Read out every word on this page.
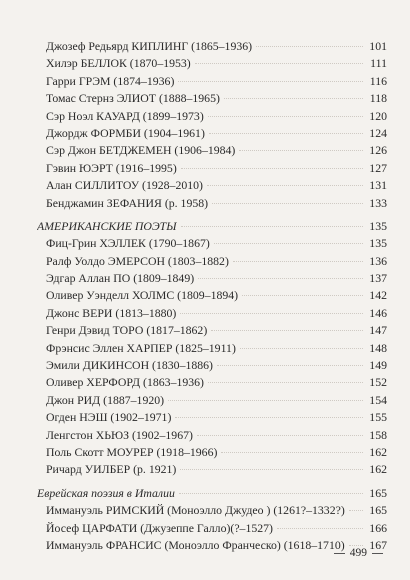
Джозеф Редьярд КИПЛИНГ (1865–1936)	101
Хилэр БЕЛЛОК (1870–1953)	111
Гарри ГРЭМ (1874–1936)	116
Томас Стернз ЭЛИОТ (1888–1965)	118
Сэр Ноэл КАУАРД (1899–1973)	120
Джордж ФОРМБИ (1904–1961)	124
Сэр Джон БЕТДЖЕМЕН (1906–1984)	126
Гэвин ЮЭРТ (1916–1995)	127
Алан СИЛЛИТОУ (1928–2010)	131
Бенджамин ЗЕФАНИЯ (р. 1958)	133
АМЕРИКАНСКИЕ ПОЭТЫ	135
Фиц-Грин ХЭЛЛЕК (1790–1867)	135
Ралф Уолдо ЭМЕРСОН (1803–1882)	136
Эдгар Аллан ПО (1809–1849)	137
Оливер Уэнделл ХОЛМС (1809–1894)	142
Джонс ВЕРИ (1813–1880)	146
Генри Дэвид ТОРО (1817–1862)	147
Фрэнсис Эллен ХАРПЕР (1825–1911)	148
Эмили ДИКИНСОН (1830–1886)	149
Оливер ХЕРФОРД (1863–1936)	152
Джон РИД (1887–1920)	154
Огден НЭШ (1902–1971)	155
Ленгстон ХЬЮЗ (1902–1967)	158
Поль Скотт МОУРЕР (1918–1966)	162
Ричард УИЛБЕР (р. 1921)	162
Еврейская поэзия в Италии	165
Иммануэль РИМСКИЙ (Моноэлло Джудео ) (1261?–1332?) 165
Йосеф ЦАРФАТИ (Джузеппе Галло)(?–1527)	166
Иммануэль ФРАНСИС (Моноэлло Франческо) (1618–1710) 167
499
